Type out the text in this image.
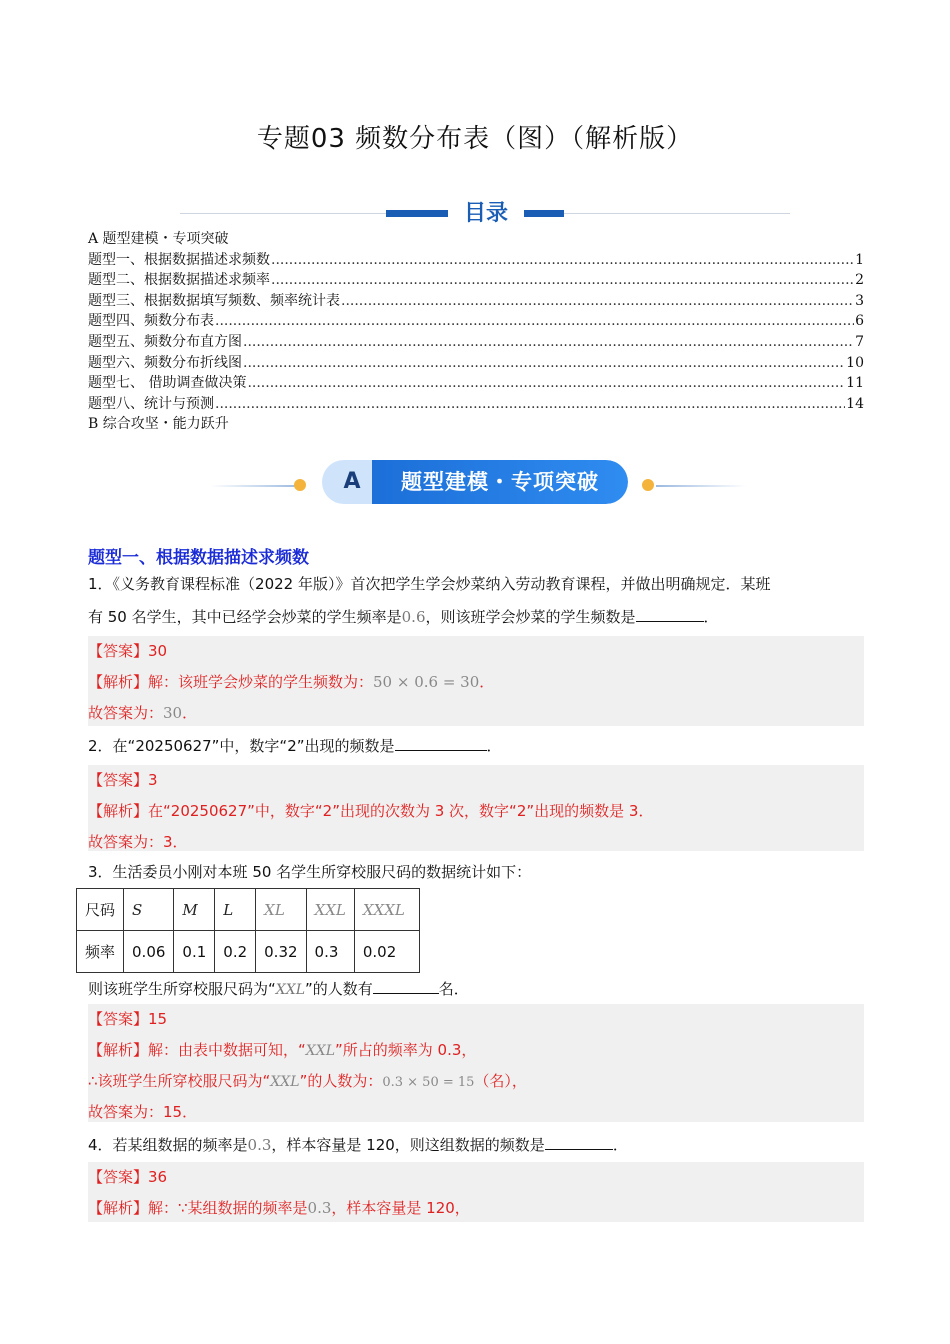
专题03 频数分布表（图）（解析版）
目录
A 题型建模・专项突破
题型一、根据数据描述求频数 .....	1
题型二、根据数据描述求频率 .....	2
题型三、根据数据填写频数、频率统计表 .....	3
题型四、频数分布表 .....	6
题型五、频数分布直方图 .....	7
题型六、频数分布折线图 .....	10
题型七、 借助调查做决策 .....	11
题型八、统计与预测 .....	14
B 综合攻坚・能力跃升
A	题型建模・专项突破
题型一、根据数据描述求频数
1．《义务教育课程标准（2022 年版）》首次把学生学会炒菜纳入劳动教育课程，并做出明确规定．某班
有 50 名学生，其中已经学会炒菜的学生频率是0.6，则该班学会炒菜的学生频数是	．
【答案】30
【解析】解：该班学会炒菜的学生频数为：50 × 0.6 = 30．
故答案为：30．
2．在“20250627”中，数字“2”出现的频数是	．
【答案】3
【解析】在“20250627”中，数字“2”出现的次数为 3 次，数字“2”出现的频数是 3．
故答案为：3．
3．生活委员小刚对本班 50 名学生所穿校服尺码的数据统计如下：
尺码	S	M	L	XL	XXL	XXXL
频率	0.06	0.1	0.2	0.32	0.3	0.02
则该班学生所穿校服尺码为“XXL”的人数有	名．
【答案】15
【解析】解：由表中数据可知，“XXL”所占的频率为 0.3，
∴该班学生所穿校服尺码为“XXL”的人数为：0.3 × 50 = 15（名），
故答案为：15．
4．若某组数据的频率是0.3，样本容量是 120，则这组数据的频数是	．
【答案】36
【解析】解：∵某组数据的频率是0.3，样本容量是 120，
